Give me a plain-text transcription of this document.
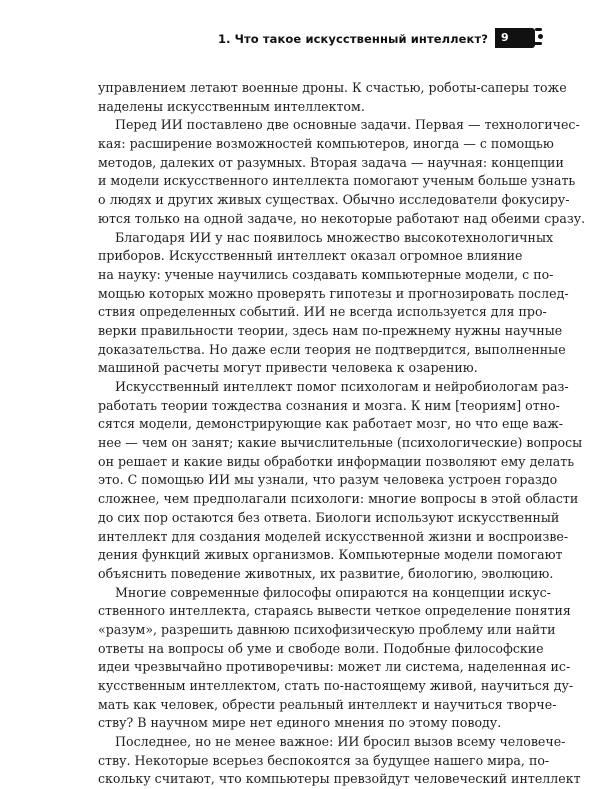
1. Что такое искусственный интеллект?	9
управлением летают военные дроны. К счастью, роботы-саперы тоже
наделены искусственным интеллектом.
Перед ИИ поставлено две основные задачи. Первая — технологичес-
кая: расширение возможностей компьютеров, иногда — с помощью
методов, далеких от разумных. Вторая задача — научная: концепции
и модели искусственного интеллекта помогают ученым больше узнать
о людях и других живых существах. Обычно исследователи фокусиру-
ются только на одной задаче, но некоторые работают над обеими сразу.
Благодаря ИИ у нас появилось множество высокотехнологичных
приборов. Искусственный интеллект оказал огромное влияние
на науку: ученые научились создавать компьютерные модели, с по-
мощью которых можно проверять гипотезы и прогнозировать послед-
ствия определенных событий. ИИ не всегда используется для про-
верки правильности теории, здесь нам по-прежнему нужны научные
доказательства. Но даже если теория не подтвердится, выполненные
машиной расчеты могут привести человека к озарению.
Искусственный интеллект помог психологам и нейробиологам раз-
работать теории тождества сознания и мозга. К ним [теориям] отно-
сятся модели, демонстрирующие как работает мозг, но что еще важ-
нее — чем он занят; какие вычислительные (психологические) вопросы
он решает и какие виды обработки информации позволяют ему делать
это. С помощью ИИ мы узнали, что разум человека устроен гораздо
сложнее, чем предполагали психологи: многие вопросы в этой области
до сих пор остаются без ответа. Биологи используют искусственный
интеллект для создания моделей искусственной жизни и воспроизве-
дения функций живых организмов. Компьютерные модели помогают
объяснить поведение животных, их развитие, биологию, эволюцию.
Многие современные философы опираются на концепции искус-
ственного интеллекта, стараясь вывести четкое определение понятия
«разум», разрешить давнюю психофизическую проблему или найти
ответы на вопросы об уме и свободе воли. Подобные философские
идеи чрезвычайно противоречивы: может ли система, наделенная ис-
кусственным интеллектом, стать по-настоящему живой, научиться ду-
мать как человек, обрести реальный интеллект и научиться творче-
ству? В научном мире нет единого мнения по этому поводу.
Последнее, но не менее важное: ИИ бросил вызов всему человече-
ству. Некоторые всерьез беспокоятся за будущее нашего мира, по-
скольку считают, что компьютеры превзойдут человеческий интеллект
